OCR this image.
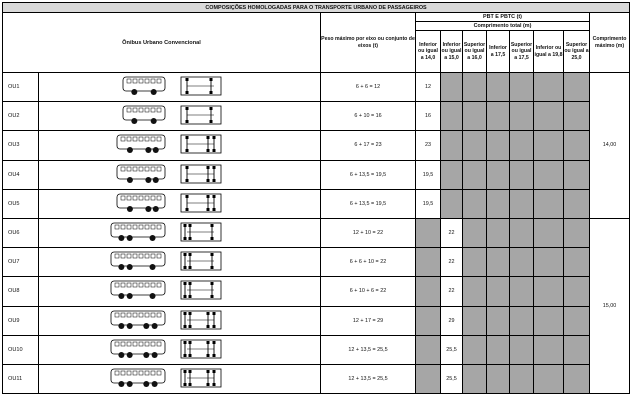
COMPOSIÇÕES HOMOLOGADAS PARA O TRANSPORTE URBANO DE PASSAGEIROS										
Ônibus Urbano Convencional		Peso máximo por eixo ou conjunto de eixos (t)	PBT E PBTC (t)							Comprimento máximo (m)
			Comprimento total (m)							
			Inferior ou igual a 14,0	Inferior ou igual a 15,0	Superior ou igual a 16,0	Inferior a 17,5	Superior ou igual a 17,5	Inferior ou igual a 19,8	Superior ou igual a 25,0	
OU1		6 + 6 = 12	12							14,00
OU2		6 + 10 = 16	16							
OU3		6 + 17 = 23	23							
OU4		6 + 13,5 = 19,5	19,5							
OU5		6 + 13,5 = 19,5	19,5							
OU6		12 + 10 = 22		22						15,00
OU7		6 + 6 + 10 = 22		22						
OU8		6 + 10 + 6 = 22		22						
OU9		12 + 17 = 29		29						
OU10		12 + 13,5 = 25,5		25,5						
OU11		12 + 13,5 = 25,5		25,5						
